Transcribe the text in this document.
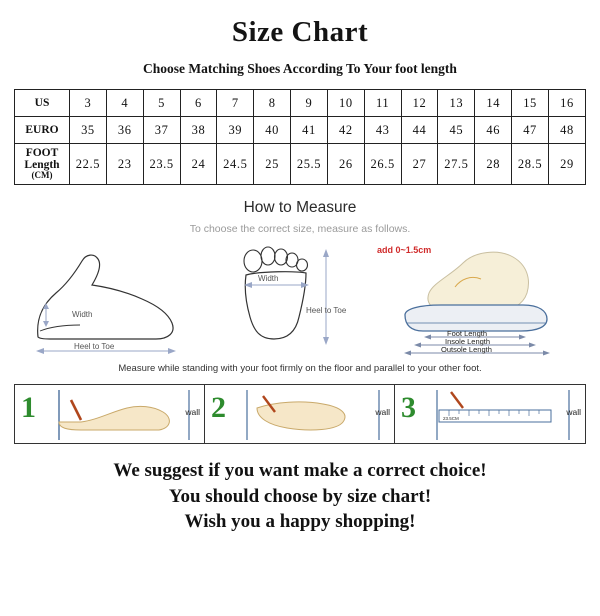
Size Chart
Choose Matching Shoes According To Your foot length
US	3	4	5	6	7	8	9	10	11	12	13	14	15	16
EURO	35	36	37	38	39	40	41	42	43	44	45	46	47	48
FOOT Length
(CM)	22.5	23	23.5	24	24.5	25	25.5	26	26.5	27	27.5	28	28.5	29
How to Measure
To choose the correct size, measure as follows.
Width
Heel to Toe
Width
Heel to Toe
add 0~1.5cm
Foot Length
Insole Length
Outsole Length
Measure while standing with your foot firmly on the floor and parallel to your other foot.
1	wall 2	wall 3	23.5CM
wall
We suggest if you want make a correct choice!
You should choose by size chart!
Wish you a happy shopping!
